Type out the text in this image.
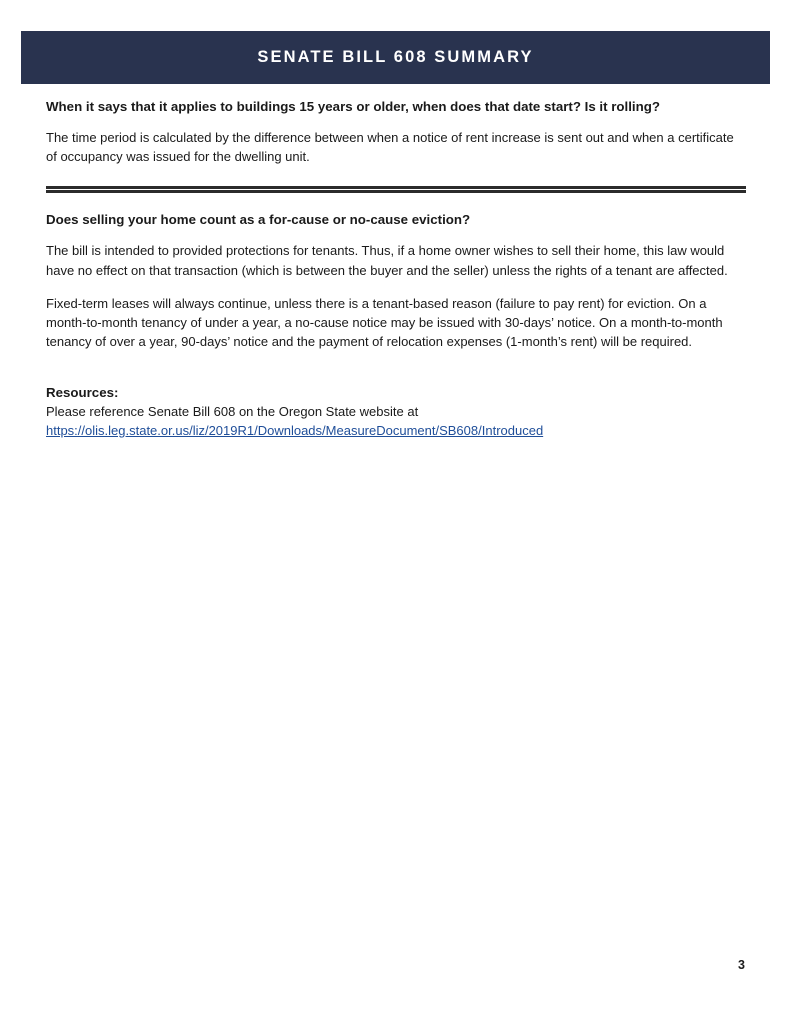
SENATE BILL 608 SUMMARY

When it says that it applies to buildings 15 years or older, when does that date start? Is it rolling?

The time period is calculated by the difference between when a notice of rent increase is sent out and when a certificate of occupancy was issued for the dwelling unit.

Does selling your home count as a for-cause or no-cause eviction?

The bill is intended to provided protections for tenants. Thus, if a home owner wishes to sell their home, this law would have no effect on that transaction (which is between the buyer and the seller) unless the rights of a tenant are affected.

Fixed-term leases will always continue, unless there is a tenant-based reason (failure to pay rent) for eviction. On a month-to-month tenancy of under a year, a no-cause notice may be issued with 30-days’ notice. On a month-to-month tenancy of over a year, 90-days’ notice and the payment of relocation expenses (1-month’s rent) will be required.

Resources:

Please reference Senate Bill 608 on the Oregon State website at

https://olis.leg.state.or.us/liz/2019R1/Downloads/MeasureDocument/SB608/Introduced
3
